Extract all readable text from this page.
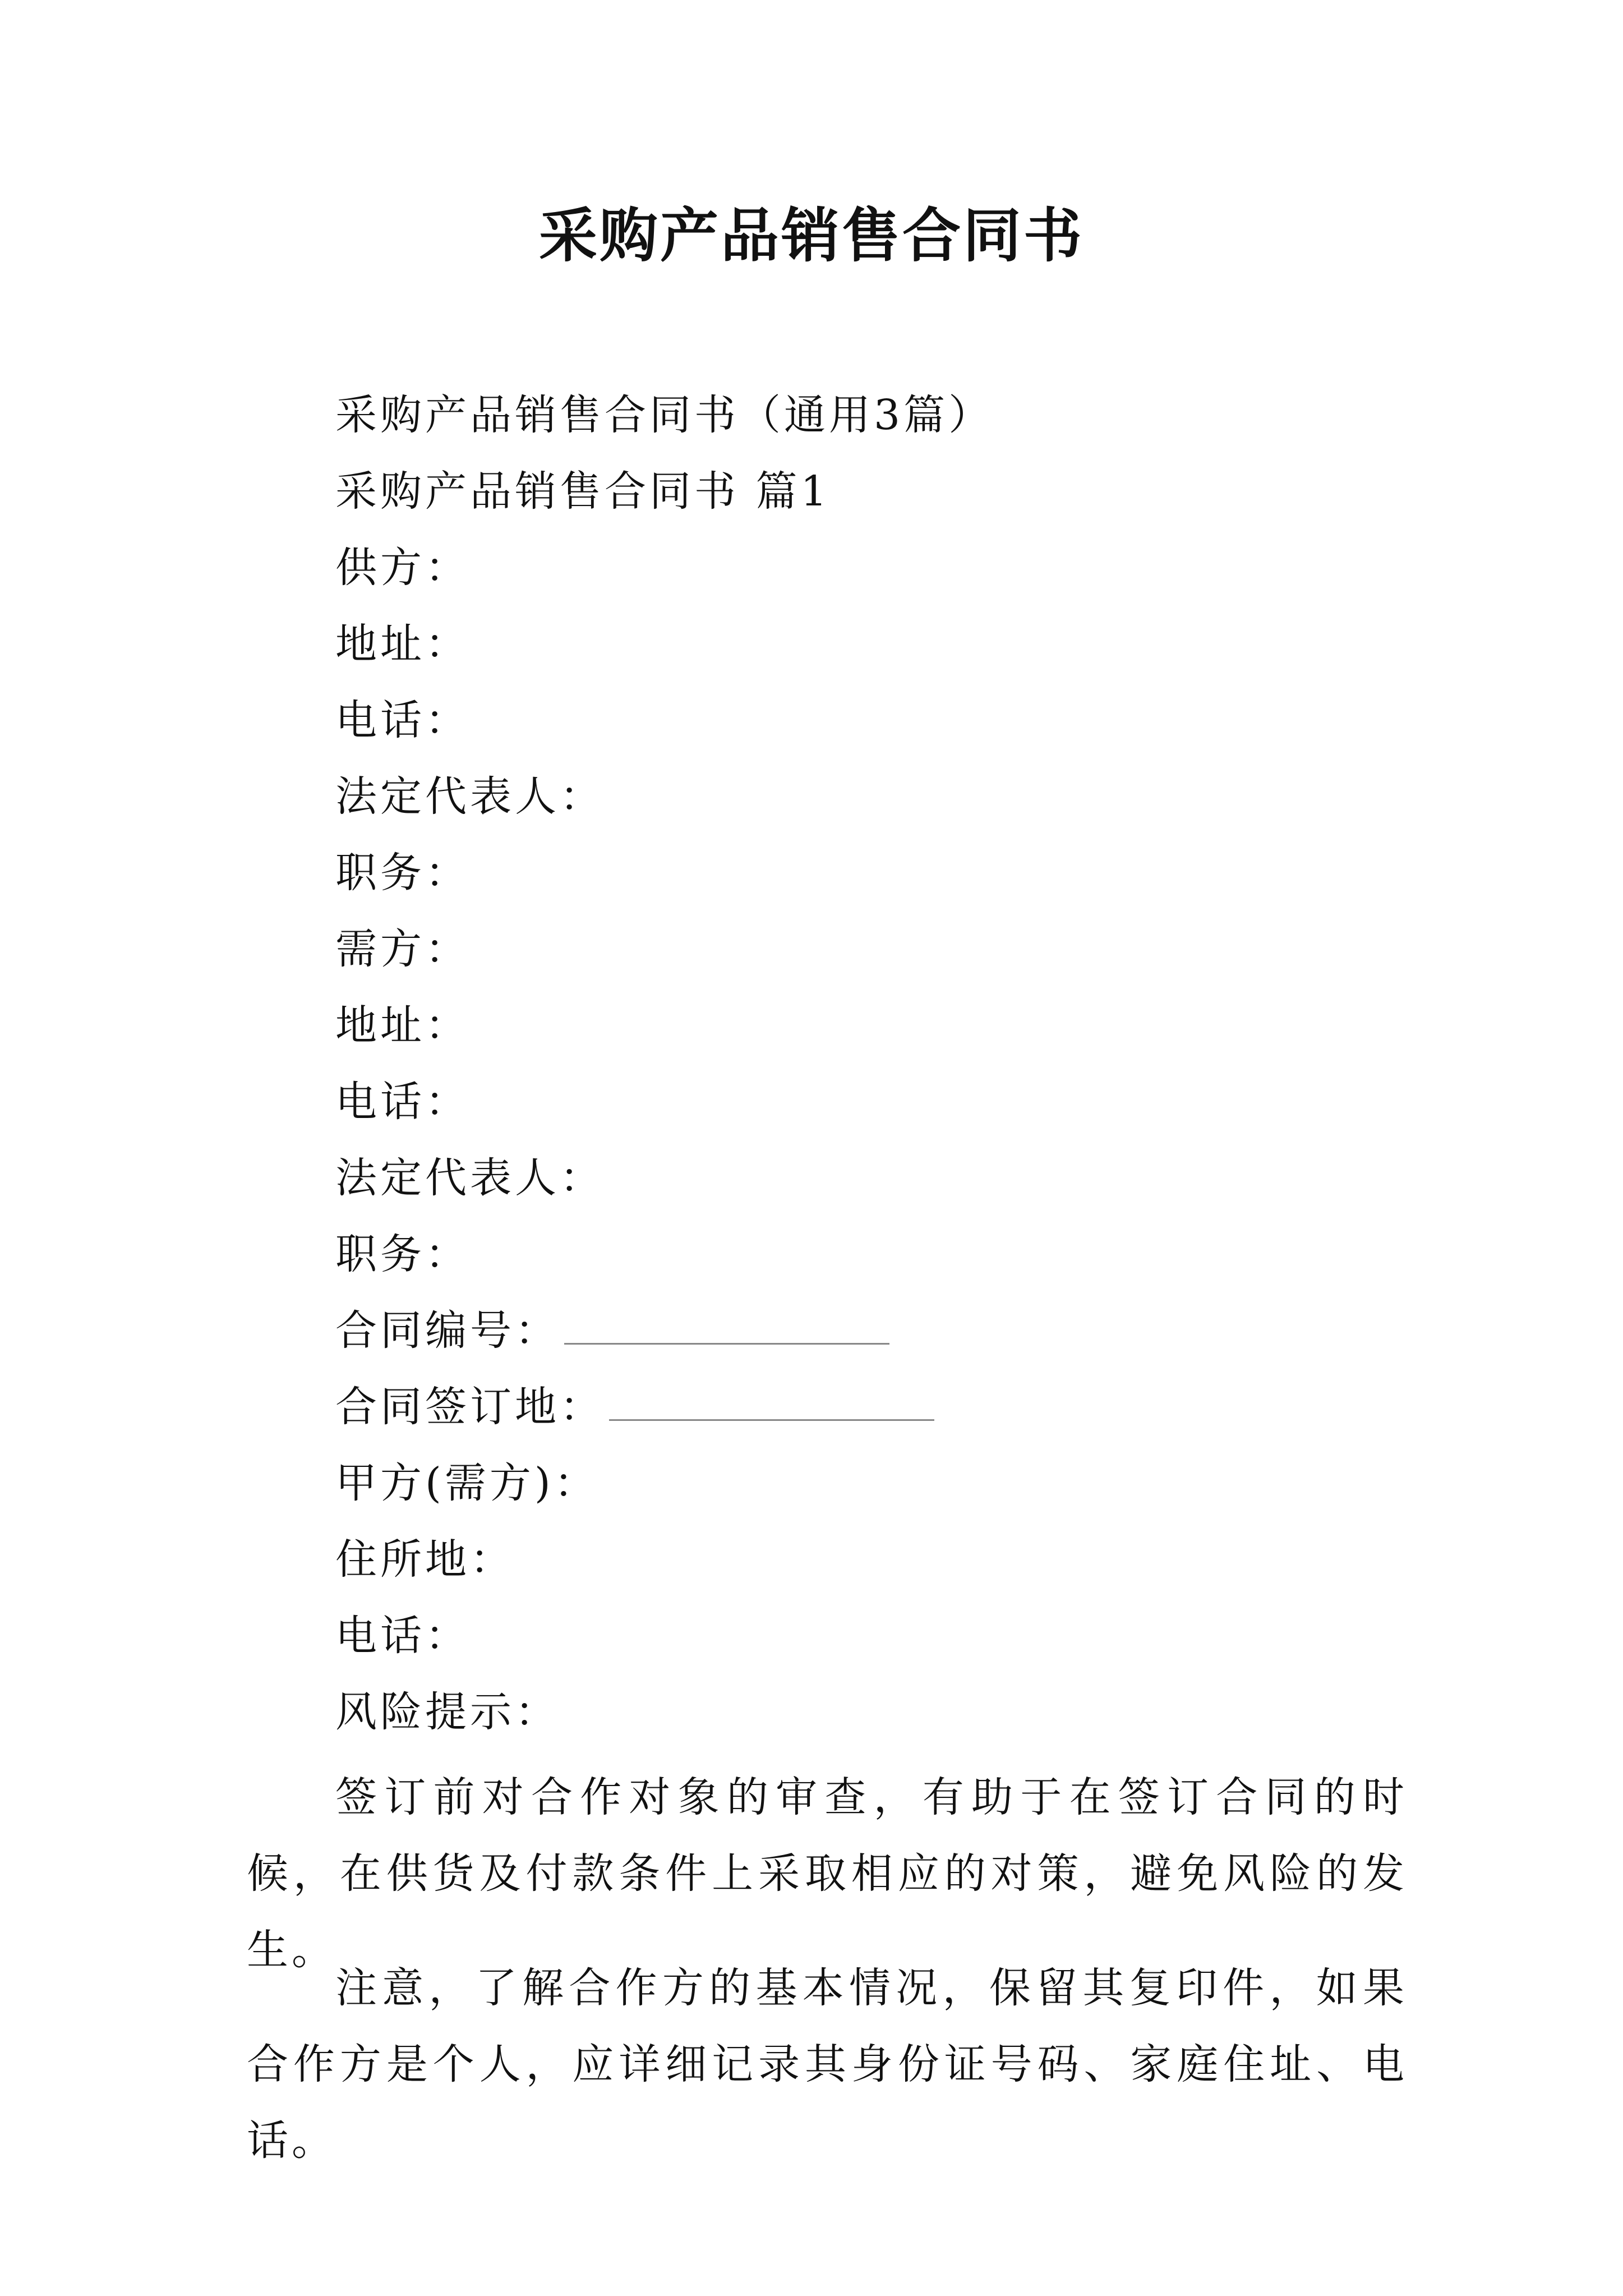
采购产品销售合同书
采购产品销售合同书（通用3篇）
采购产品销售合同书 篇1
供方：
地址：
电话：
法定代表人：
职务：
需方：
地址：
电话：
法定代表人：
职务：
合同编号：
合同签订地：
甲方(需方)：
住所地：
电话：
风险提示：
签订前对合作对象的审查，有助于在签订合同的时候，在供货及付款条件上采取相应的对策，避免风险的发生。
注意，了解合作方的基本情况，保留其复印件，如果合作方是个人，应详细记录其身份证号码、家庭住址、电话。
